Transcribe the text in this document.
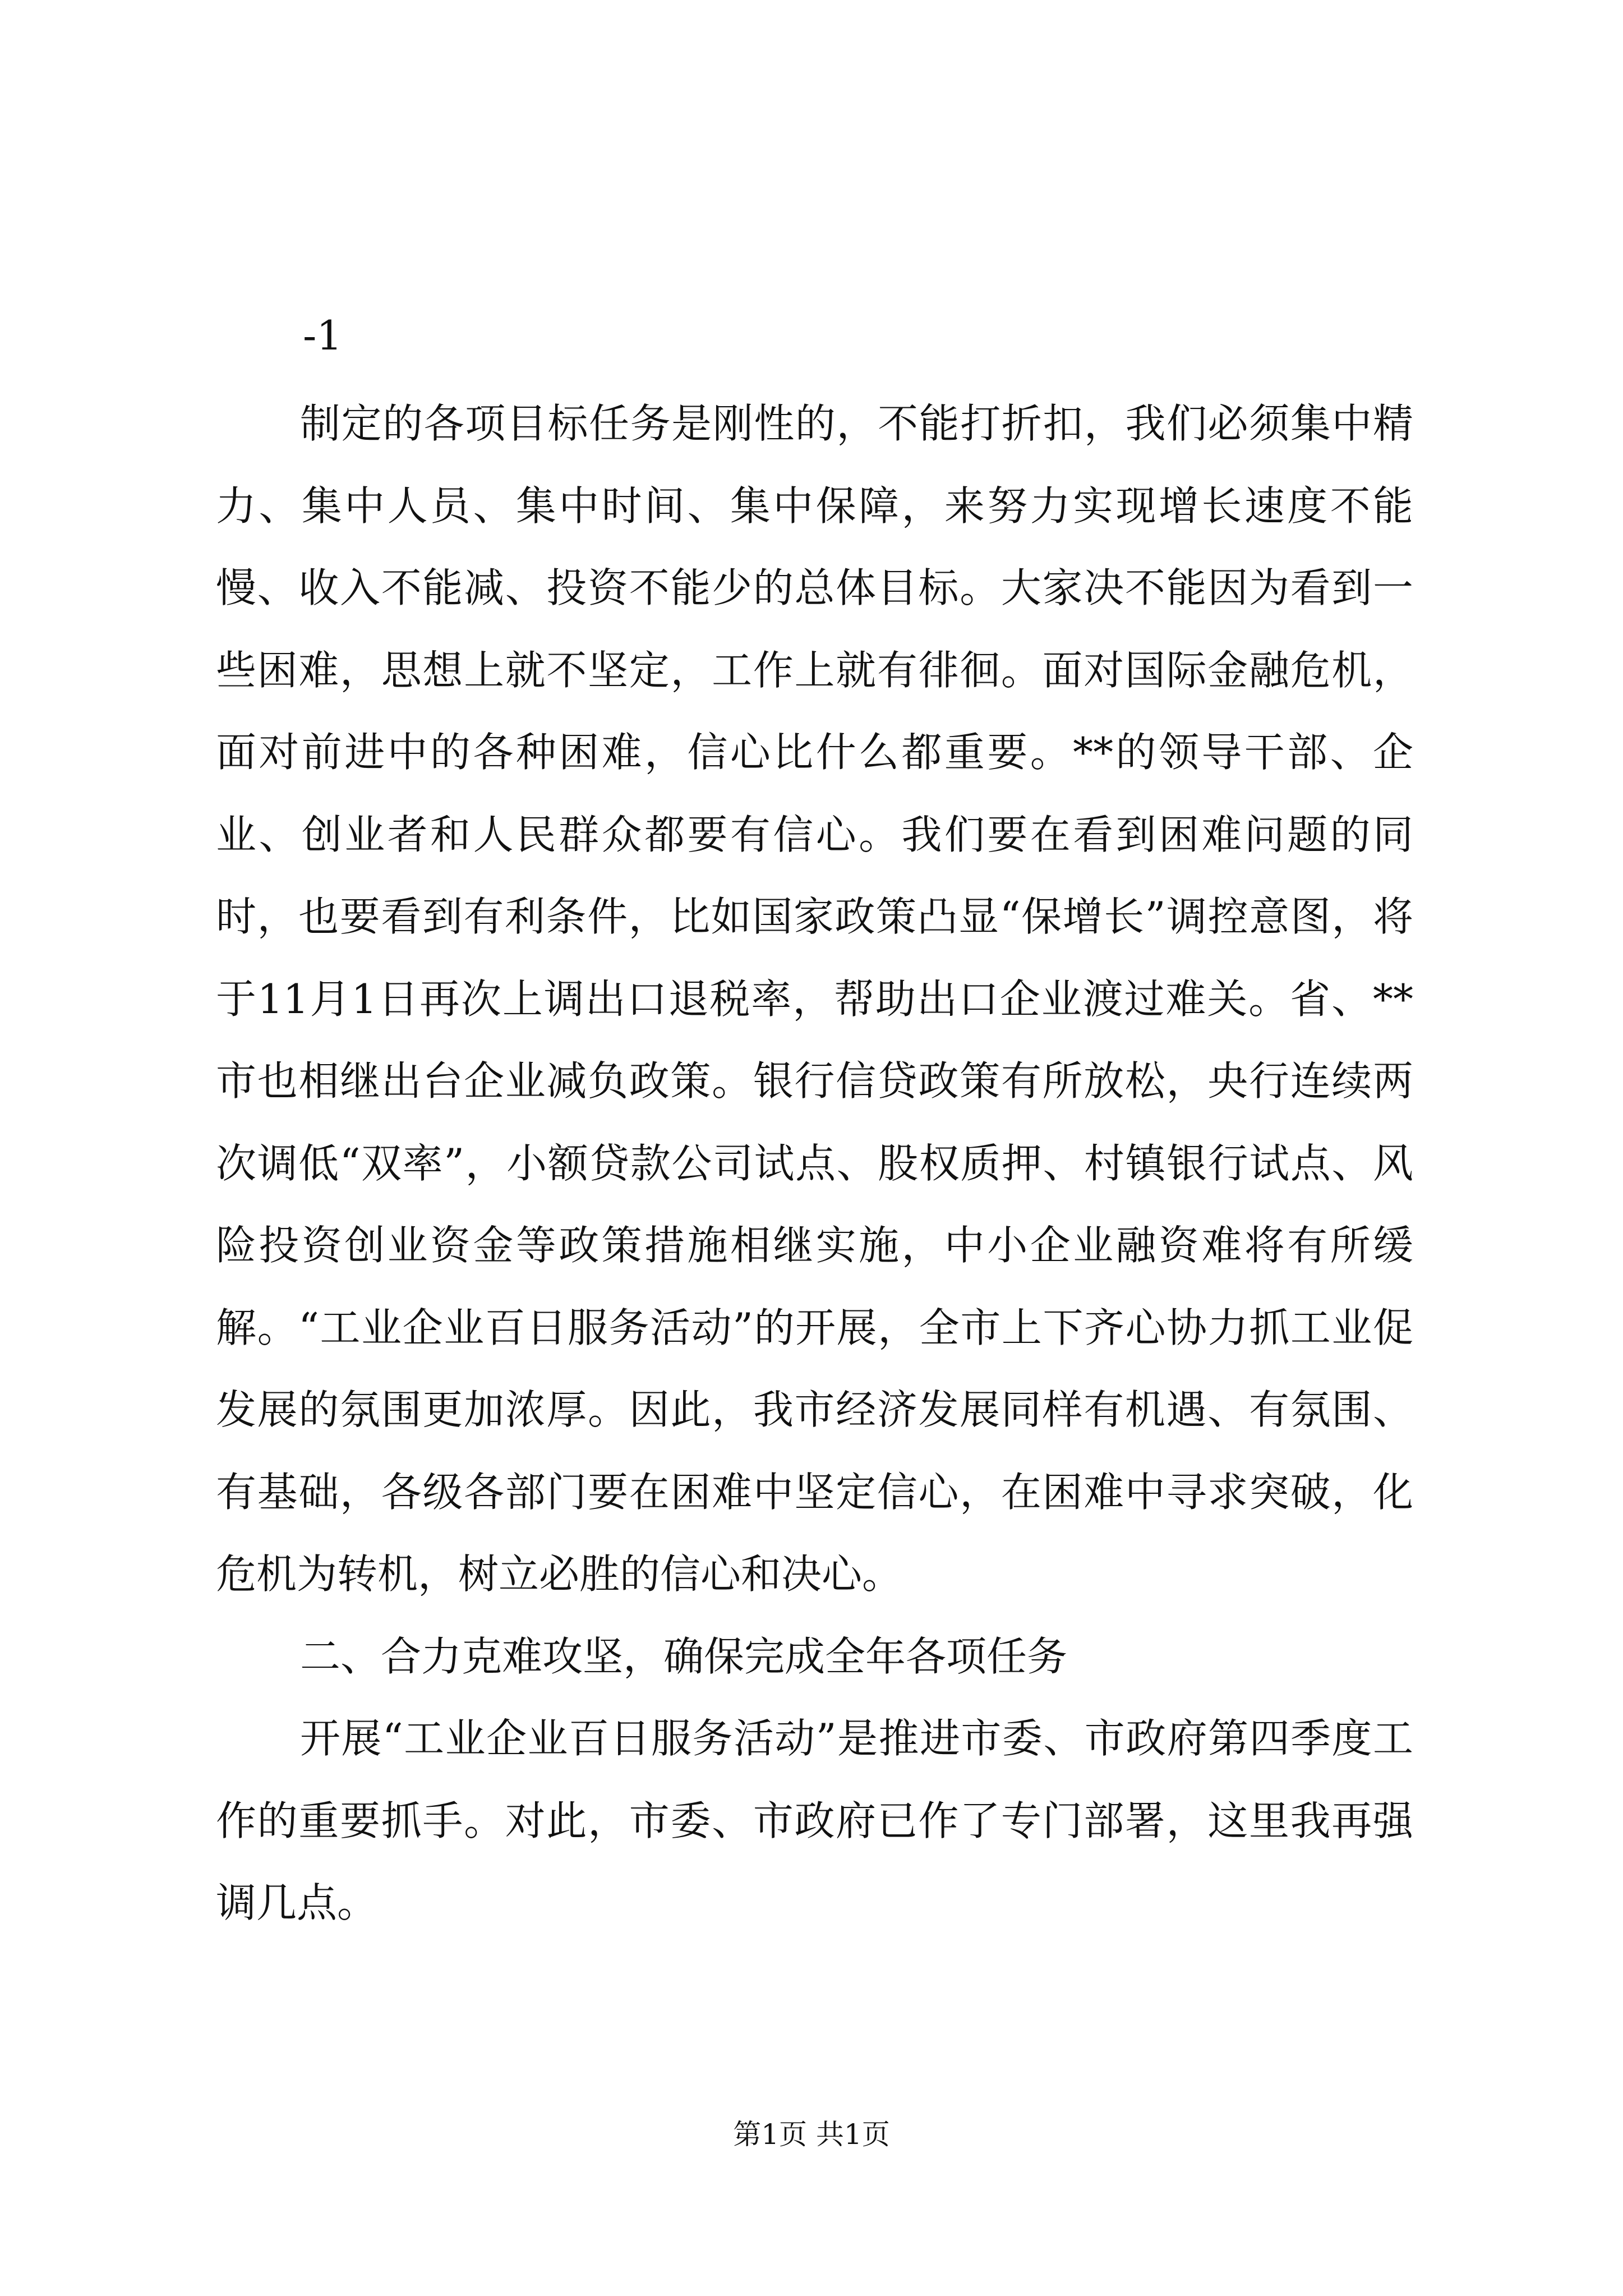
-1

制定的各项目标任务是刚性的，不能打折扣，我们必须集中精力、集中人员、集中时间、集中保障，来努力实现增长速度不能慢、收入不能减、投资不能少的总体目标。大家决不能因为看到一些困难，思想上就不坚定，工作上就有徘徊。面对国际金融危机，面对前进中的各种困难，信心比什么都重要。**的领导干部、企业、创业者和人民群众都要有信心。我们要在看到困难问题的同时，也要看到有利条件，比如国家政策凸显“保增长”调控意图，将于11月1日再次上调出口退税率，帮助出口企业渡过难关。省、**市也相继出台企业减负政策。银行信贷政策有所放松，央行连续两次调低“双率”，小额贷款公司试点、股权质押、村镇银行试点、风险投资创业资金等政策措施相继实施，中小企业融资难将有所缓解。“工业企业百日服务活动”的开展，全市上下齐心协力抓工业促发展的氛围更加浓厚。因此，我市经济发展同样有机遇、有氛围、有基础，各级各部门要在困难中坚定信心，在困难中寻求突破，化危机为转机，树立必胜的信心和决心。

二、合力克难攻坚，确保完成全年各项任务

开展“工业企业百日服务活动”是推进市委、市政府第四季度工作的重要抓手。对此，市委、市政府已作了专门部署，这里我再强调几点。

第1页 共1页
